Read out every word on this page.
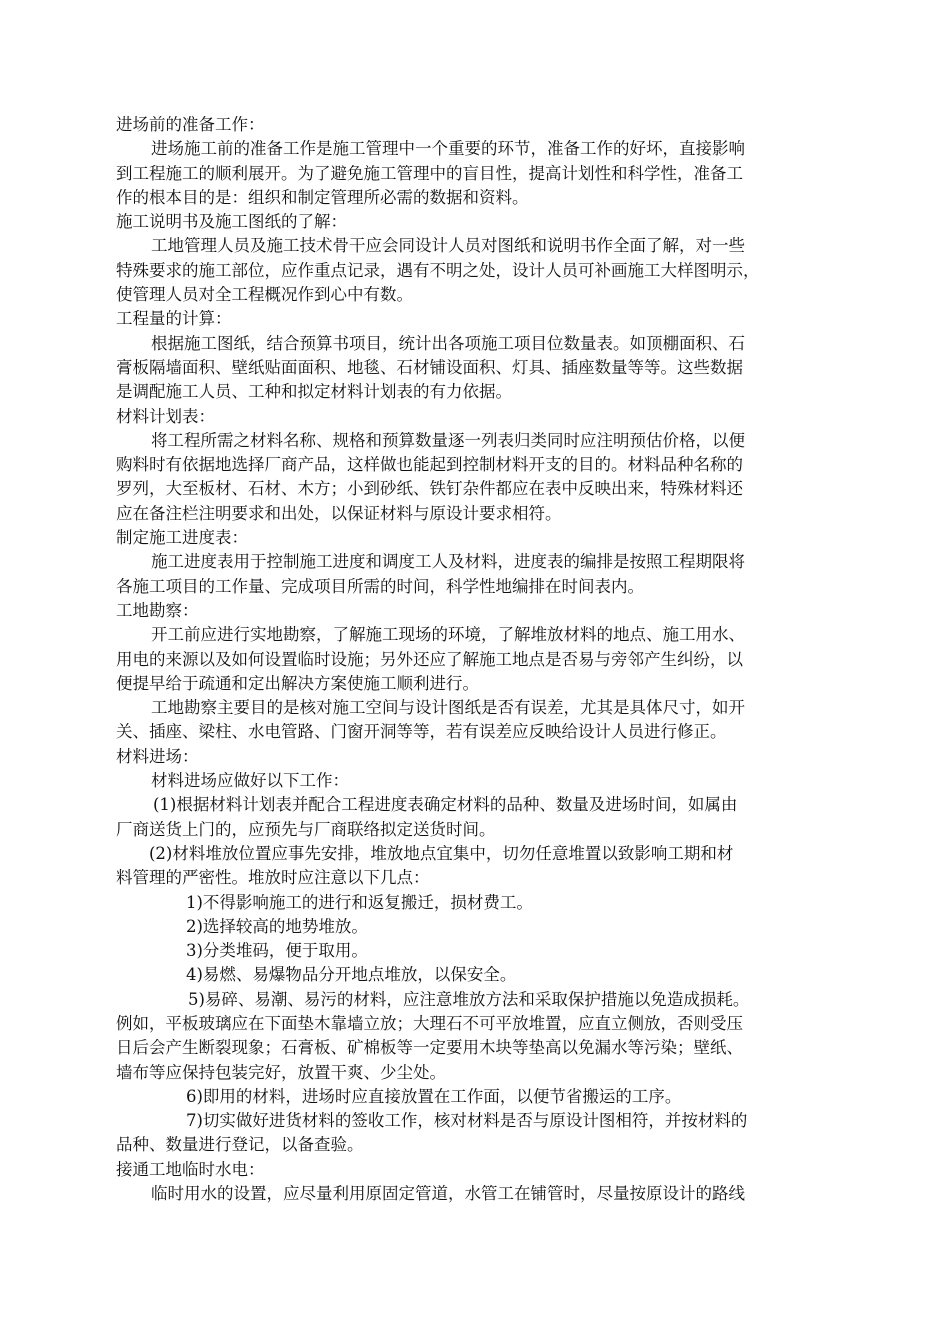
进场前的准备工作：
进场施工前的准备工作是施工管理中一个重要的环节，准备工作的好坏，直接影响
到工程施工的顺利展开。为了避免施工管理中的盲目性，提高计划性和科学性，准备工
作的根本目的是：组织和制定管理所必需的数据和资料。
施工说明书及施工图纸的了解：
工地管理人员及施工技术骨干应会同设计人员对图纸和说明书作全面了解，对一些
特殊要求的施工部位，应作重点记录，遇有不明之处，设计人员可补画施工大样图明示，
使管理人员对全工程概况作到心中有数。
工程量的计算：
根据施工图纸，结合预算书项目，统计出各项施工项目位数量表。如顶棚面积、石
膏板隔墙面积、壁纸贴面面积、地毯、石材铺设面积、灯具、插座数量等等。这些数据
是调配施工人员、工种和拟定材料计划表的有力依据。
材料计划表：
将工程所需之材料名称、规格和预算数量逐一列表归类同时应注明预估价格，以便
购料时有依据地选择厂商产品，这样做也能起到控制材料开支的目的。材料品种名称的
罗列，大至板材、石材、木方；小到砂纸、铁钉杂件都应在表中反映出来，特殊材料还
应在备注栏注明要求和出处，以保证材料与原设计要求相符。
制定施工进度表：
施工进度表用于控制施工进度和调度工人及材料，进度表的编排是按照工程期限将
各施工项目的工作量、完成项目所需的时间，科学性地编排在时间表内。
工地勘察：
开工前应进行实地勘察，了解施工现场的环境，了解堆放材料的地点、施工用水、
用电的来源以及如何设置临时设施；另外还应了解施工地点是否易与旁邻产生纠纷，以
便提早给于疏通和定出解决方案使施工顺利进行。
工地勘察主要目的是核对施工空间与设计图纸是否有误差，尤其是具体尺寸，如开
关、插座、梁柱、水电管路、门窗开洞等等，若有误差应反映给设计人员进行修正。
材料进场：
材料进场应做好以下工作：
(1)根据材料计划表并配合工程进度表确定材料的品种、数量及进场时间，如属由
厂商送货上门的，应预先与厂商联络拟定送货时间。
(2)材料堆放位置应事先安排，堆放地点宜集中，切勿任意堆置以致影响工期和材
料管理的严密性。堆放时应注意以下几点：
1)不得影响施工的进行和返复搬迁，损材费工。
2)选择较高的地势堆放。
3)分类堆码，便于取用。
4)易燃、易爆物品分开地点堆放，以保安全。
5)易碎、易潮、易污的材料，应注意堆放方法和采取保护措施以免造成损耗。
例如，平板玻璃应在下面垫木靠墙立放；大理石不可平放堆置，应直立侧放，否则受压
日后会产生断裂现象；石膏板、矿棉板等一定要用木块等垫高以免漏水等污染；壁纸、
墙布等应保持包装完好，放置干爽、少尘处。
6)即用的材料，进场时应直接放置在工作面，以便节省搬运的工序。
7)切实做好进货材料的签收工作，核对材料是否与原设计图相符，并按材料的
品种、数量进行登记，以备查验。
接通工地临时水电：
临时用水的设置，应尽量利用原固定管道，水管工在铺管时，尽量按原设计的路线
